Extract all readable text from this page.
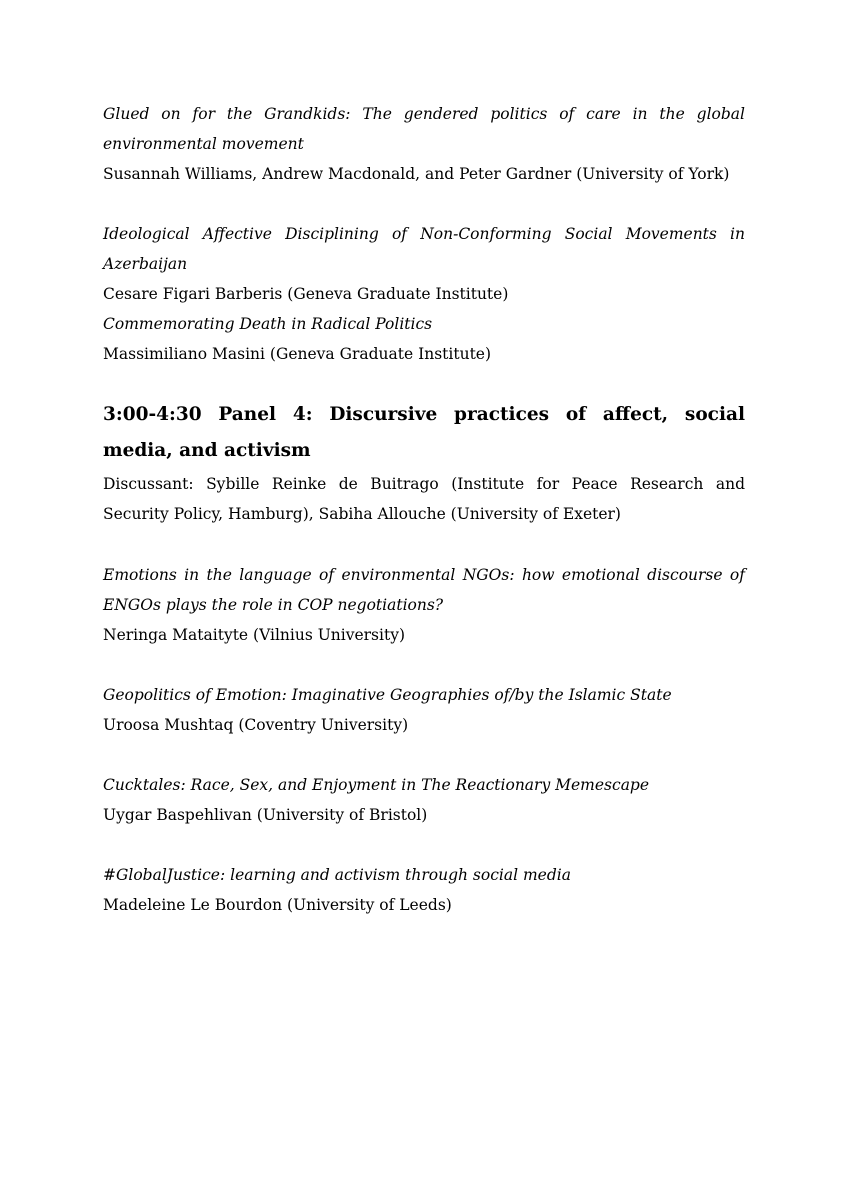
Glued on for the Grandkids: The gendered politics of care in the global environmental movement

Susannah Williams, Andrew Macdonald, and Peter Gardner (University of York)

Ideological Affective Disciplining of Non-Conforming Social Movements in Azerbaijan

Cesare Figari Barberis (Geneva Graduate Institute)

Commemorating Death in Radical Politics

Massimiliano Masini (Geneva Graduate Institute)

3:00-4:30 Panel 4: Discursive practices of affect, social media, and activism

Discussant: Sybille Reinke de Buitrago (Institute for Peace Research and Security Policy, Hamburg), Sabiha Allouche (University of Exeter)

Emotions in the language of environmental NGOs: how emotional discourse of ENGOs plays the role in COP negotiations?

Neringa Mataityte (Vilnius University)

Geopolitics of Emotion: Imaginative Geographies of/by the Islamic State

Uroosa Mushtaq (Coventry University)

Cucktales: Race, Sex, and Enjoyment in The Reactionary Memescape

Uygar Baspehlivan (University of Bristol)

#GlobalJustice: learning and activism through social media

Madeleine Le Bourdon (University of Leeds)
